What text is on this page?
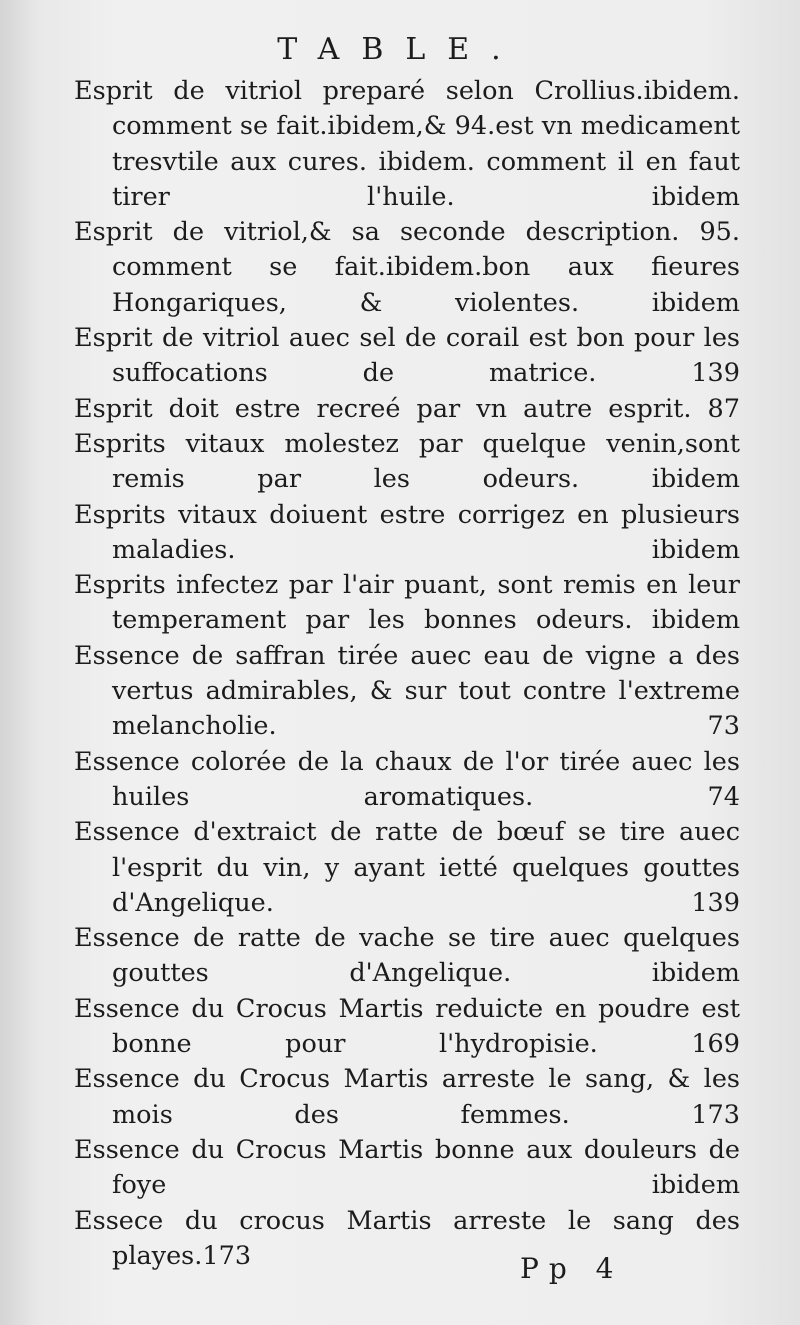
TABLE.

Esprit de vitriol preparé selon Crollius.ibidem. comment se fait.ibidem,& 94.est vn medicament tresvtile aux cures. ibidem. comment il en faut tirer l'huile. ibidem

Esprit de vitriol,& sa seconde description. 95. comment se fait.ibidem.bon aux fieures Hongariques, & violentes. ibidem

Esprit de vitriol auec sel de corail est bon pour les suffocations de matrice. 139

Esprit doit estre recreé par vn autre esprit. 87

Esprits vitaux molestez par quelque venin,sont remis par les odeurs. ibidem

Esprits vitaux doiuent estre corrigez en plusieurs maladies. ibidem

Esprits infectez par l'air puant, sont remis en leur temperament par les bonnes odeurs. ibidem

Essence de saffran tirée auec eau de vigne a des vertus admirables, & sur tout contre l'extreme melancholie. 73

Essence colorée de la chaux de l'or tirée auec les huiles aromatiques. 74

Essence d'extraict de ratte de bœuf se tire auec l'esprit du vin, y ayant ietté quelques gouttes d'Angelique. 139

Essence de ratte de vache se tire auec quelques gouttes d'Angelique. ibidem

Essence du Crocus Martis reduicte en poudre est bonne pour l'hydropisie. 169

Essence du Crocus Martis arreste le sang, & les mois des femmes. 173

Essence du Crocus Martis bonne aux douleurs de foye ibidem

Essece du crocus Martis arreste le sang des playes.173	Pp 4
